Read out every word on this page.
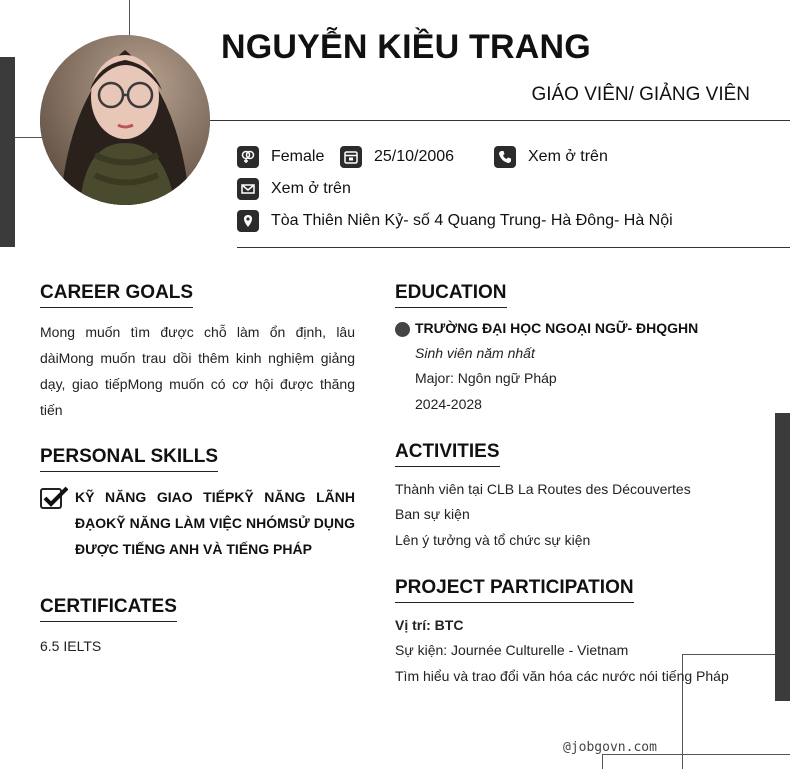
NGUYỄN KIỀU TRANG
GIÁO VIÊN/ GIẢNG VIÊN
Female	25/10/2006	Xem ở trên
Xem ở trên
Tòa Thiên Niên Kỷ- số 4 Quang Trung- Hà Đông- Hà Nội
CAREER GOALS
Mong muốn tìm được chỗ làm ổn định, lâu dàiMong muốn trau dồi thêm kinh nghiệm giảng dạy, giao tiếpMong muốn có cơ hội được thăng tiến
PERSONAL SKILLS
KỸ NĂNG GIAO TIẾPKỸ NĂNG LÃNH ĐẠOKỸ NĂNG LÀM VIỆC NHÓMSỬ DỤNG ĐƯỢC TIẾNG ANH VÀ TIẾNG PHÁP
CERTIFICATES
6.5 IELTS
EDUCATION
TRƯỜNG ĐẠI HỌC NGOẠI NGỮ- ĐHQGHN
Sinh viên năm nhất
Major: Ngôn ngữ Pháp
2024-2028
ACTIVITIES
Thành viên tại CLB La Routes des Découvertes
Ban sự kiện
Lên ý tưởng và tổ chức sự kiện
PROJECT PARTICIPATION
Vị trí: BTC
Sự kiện: Journée Culturelle - Vietnam
Tìm hiểu và trao đổi văn hóa các nước nói tiếng Pháp
@jobgovn.com
